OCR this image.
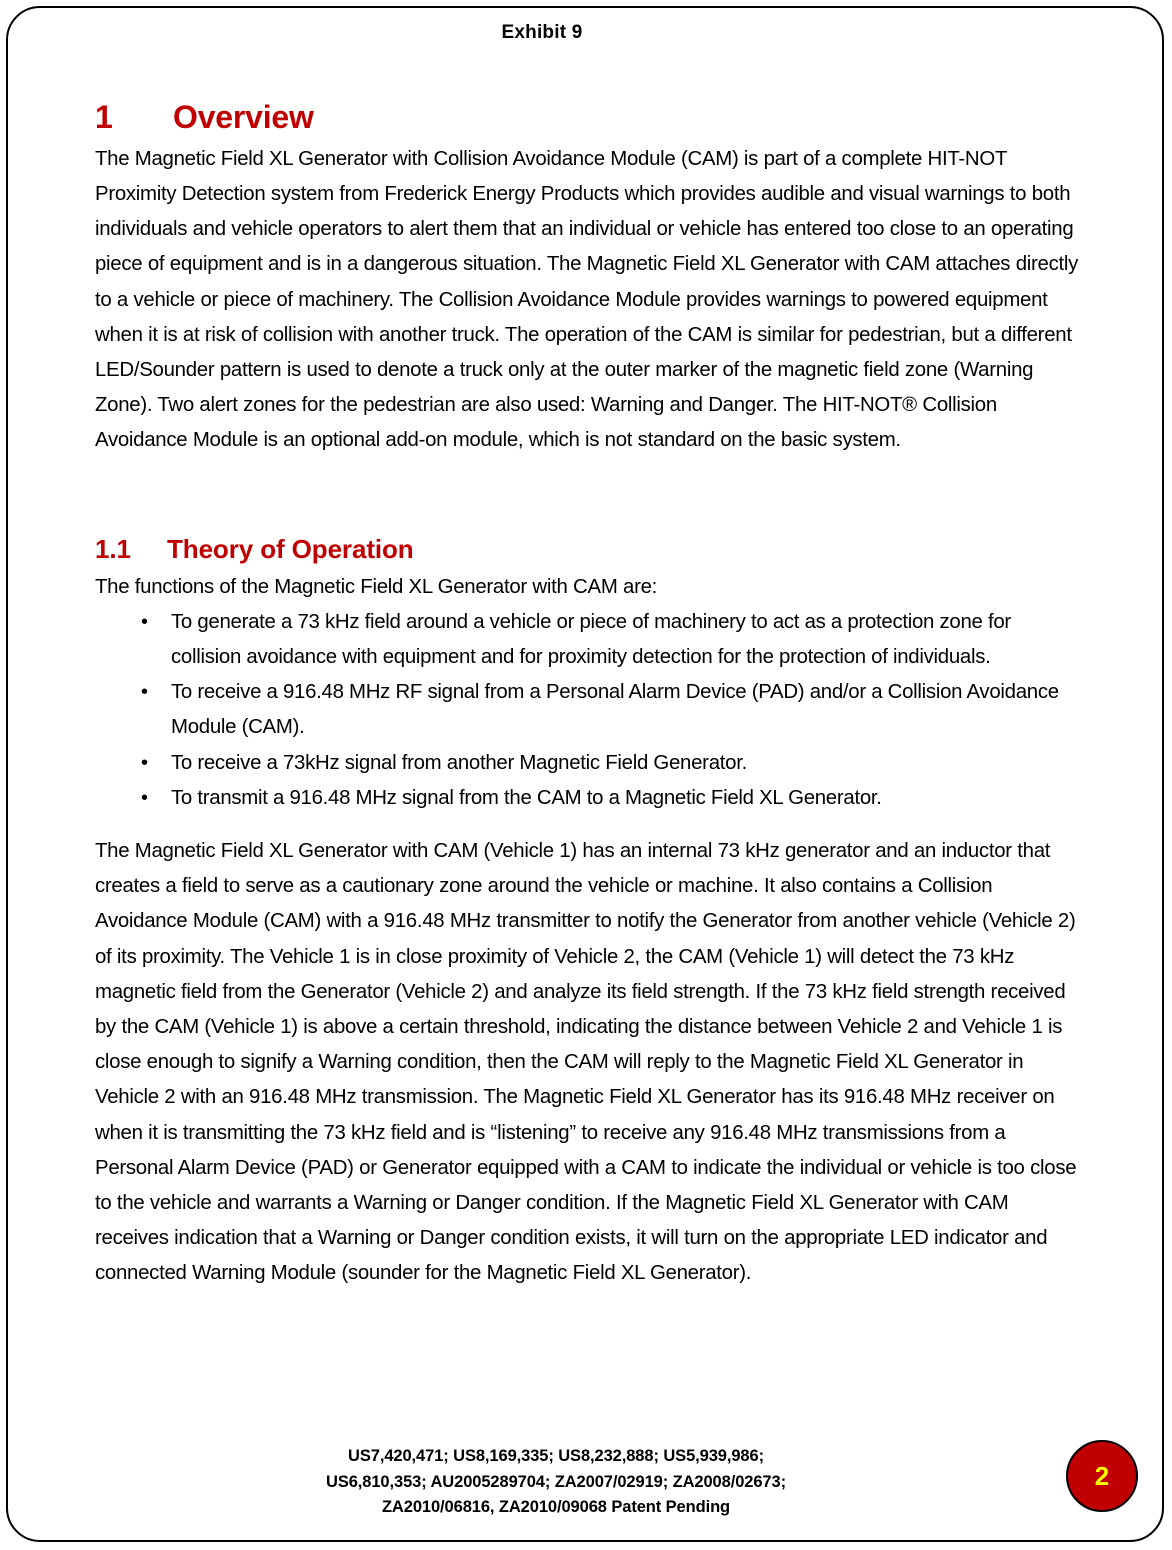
Exhibit 9
1	Overview

The Magnetic Field XL Generator with Collision Avoidance Module (CAM) is part of a complete HIT-NOT Proximity Detection system from Frederick Energy Products which provides audible and visual warnings to both individuals and vehicle operators to alert them that an individual or vehicle has entered too close to an operating piece of equipment and is in a dangerous situation. The Magnetic Field XL Generator with CAM attaches directly to a vehicle or piece of machinery. The Collision Avoidance Module provides warnings to powered equipment when it is at risk of collision with another truck. The operation of the CAM is similar for pedestrian, but a different LED/Sounder pattern is used to denote a truck only at the outer marker of the magnetic field zone (Warning Zone). Two alert zones for the pedestrian are also used: Warning and Danger. The HIT-NOT® Collision Avoidance Module is an optional add-on module, which is not standard on the basic system.

1.1	Theory of Operation

The functions of the Magnetic Field XL Generator with CAM are:

• To generate a 73 kHz field around a vehicle or piece of machinery to act as a protection zone for collision avoidance with equipment and for proximity detection for the protection of individuals.
• To receive a 916.48 MHz RF signal from a Personal Alarm Device (PAD) and/or a Collision Avoidance Module (CAM).
• To receive a 73kHz signal from another Magnetic Field Generator.
• To transmit a 916.48 MHz signal from the CAM to a Magnetic Field XL Generator.

The Magnetic Field XL Generator with CAM (Vehicle 1) has an internal 73 kHz generator and an inductor that creates a field to serve as a cautionary zone around the vehicle or machine. It also contains a Collision Avoidance Module (CAM) with a 916.48 MHz transmitter to notify the Generator from another vehicle (Vehicle 2) of its proximity. The Vehicle 1 is in close proximity of Vehicle 2, the CAM (Vehicle 1) will detect the 73 kHz magnetic field from the Generator (Vehicle 2) and analyze its field strength. If the 73 kHz field strength received by the CAM (Vehicle 1) is above a certain threshold, indicating the distance between Vehicle 2 and Vehicle 1 is close enough to signify a Warning condition, then the CAM will reply to the Magnetic Field XL Generator in Vehicle 2 with an 916.48 MHz transmission. The Magnetic Field XL Generator has its 916.48 MHz receiver on when it is transmitting the 73 kHz field and is “listening” to receive any 916.48 MHz transmissions from a Personal Alarm Device (PAD) or Generator equipped with a CAM to indicate the individual or vehicle is too close to the vehicle and warrants a Warning or Danger condition. If the Magnetic Field XL Generator with CAM receives indication that a Warning or Danger condition exists, it will turn on the appropriate LED indicator and connected Warning Module (sounder for the Magnetic Field XL Generator).

US7,420,471; US8,169,335; US8,232,888; US5,939,986;
US6,810,353; AU2005289704; ZA2007/02919; ZA2008/02673;
ZA2010/06816, ZA2010/09068 Patent Pending
2
